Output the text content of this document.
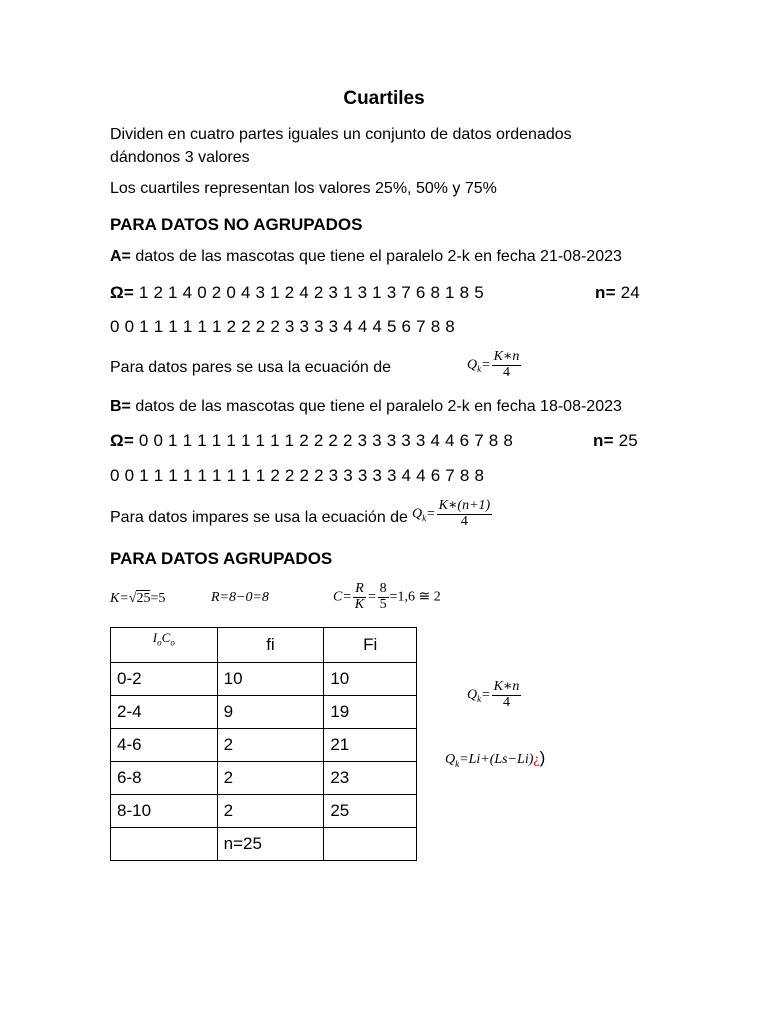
Cuartiles
Dividen en cuatro partes iguales un conjunto de datos ordenados
dándonos 3 valores
Los cuartiles representan los valores 25%, 50% y 75%
PARA DATOS NO AGRUPADOS
A= datos de las mascotas que tiene el paralelo 2-k en fecha 21-08-2023
Ω= 1 2 1 4 0 2 0 4 3 1 2 4 2 3 1 3 1 3 7 6 8 1 8 5	n= 24
0 0 1 1 1 1 1 1 2 2 2 2 3 3 3 3 4 4 4 5 6 7 8 8
Para datos pares se usa la ecuación de	$Q_k= \frac{K∗n}{4}$
B= datos de las mascotas que tiene el paralelo 2-k en fecha 18-08-2023
Ω= 0 0 1 1 1 1 1 1 1 1 1 2 2 2 2 3 3 3 3 3 4 4 6 7 8 8	n= 25
0 0 1 1 1 1 1 1 1 1 1 2 2 2 2 3 3 3 3 3 4 4 6 7 8 8
Para datos impares se usa la ecuación de $Q_k= \frac{K∗(n+1)}{4}$
PARA DATOS AGRUPADOS
K=√25=5	R=8−0=8	$C= \frac{R}{K} = \frac{8}{5} =1,6$ ≅ 2
$I_oC_o$	fi	Fi
0-2	10	10
2-4	9	19
4-6	2	21
6-8	2	23
8-10	2	25
	n=25	
$Q_k= \frac{K∗n}{4}$
$Q_k=Li+(Ls-Li)¿$)
